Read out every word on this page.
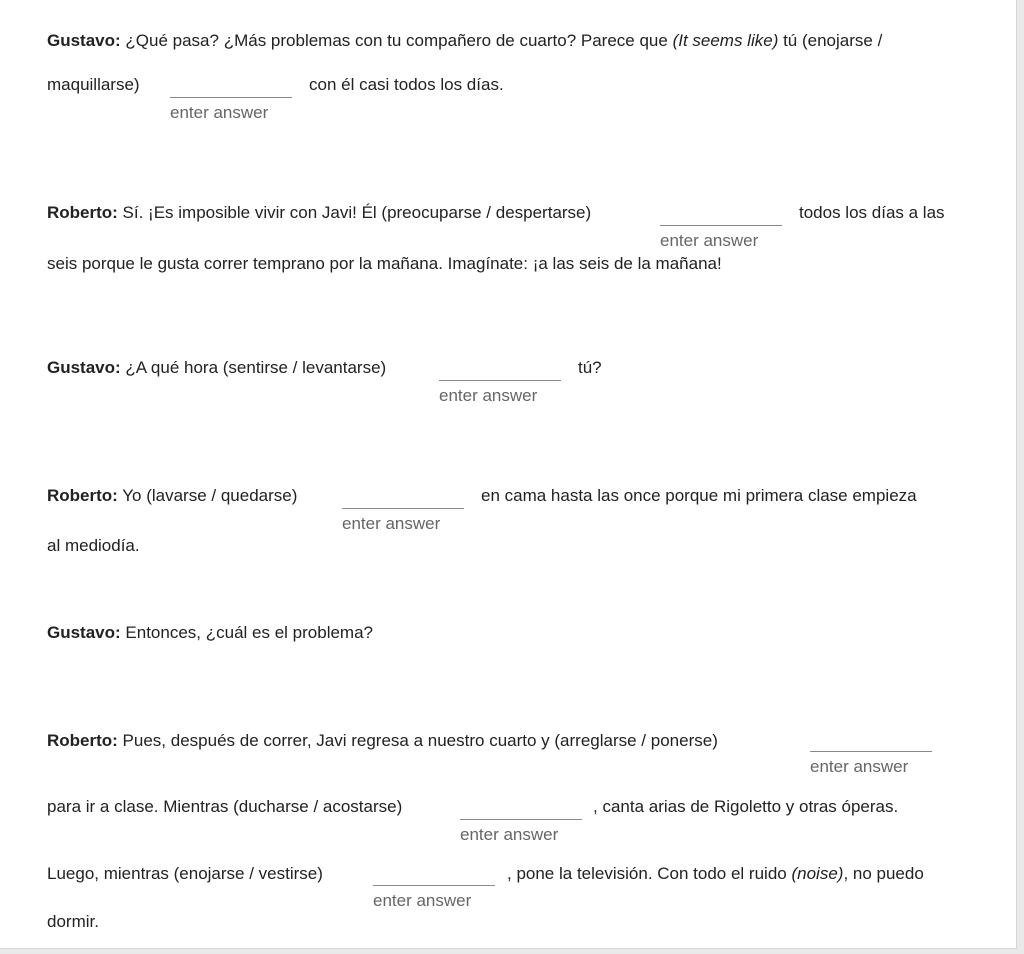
Gustavo: ¿Qué pasa? ¿Más problemas con tu compañero de cuarto? Parece que (It seems like) tú (enojarse /
maquillarse)
enter answer
con él casi todos los días.
Roberto: Sí. ¡Es imposible vivir con Javi! Él (preocuparse / despertarse)
enter answer
todos los días a las
seis porque le gusta correr temprano por la mañana. Imagínate: ¡a las seis de la mañana!
Gustavo: ¿A qué hora (sentirse / levantarse)
enter answer
tú?
Roberto: Yo (lavarse / quedarse)
enter answer
en cama hasta las once porque mi primera clase empieza
al mediodía.
Gustavo: Entonces, ¿cuál es el problema?
Roberto: Pues, después de correr, Javi regresa a nuestro cuarto y (arreglarse / ponerse)
enter answer
para ir a clase. Mientras (ducharse / acostarse)
enter answer
, canta arias de Rigoletto y otras óperas.
Luego, mientras (enojarse / vestirse)
enter answer
, pone la televisión. Con todo el ruido (noise), no puedo
dormir.
